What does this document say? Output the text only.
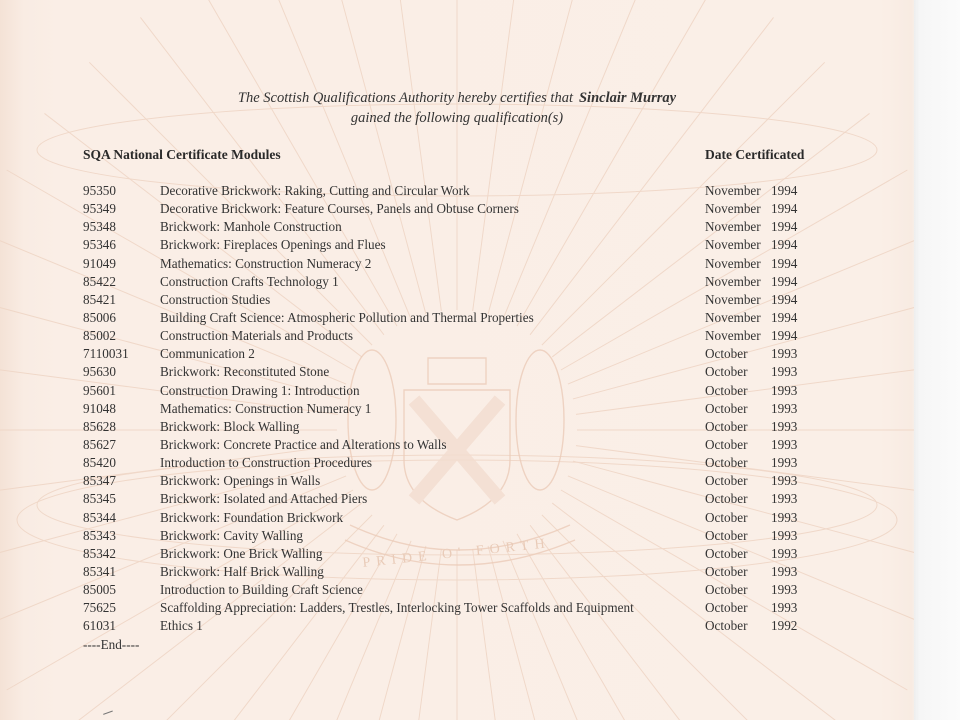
PRIDE O' FORTH
The Scottish Qualifications Authority hereby certifies that Sinclair Murray
gained the following qualification(s)
SQA National Certificate Modules	Date Certificated
95350	Decorative Brickwork: Raking, Cutting and Circular Work	November 1994
95349	Decorative Brickwork: Feature Courses, Panels and Obtuse Corners	November 1994
95348	Brickwork: Manhole Construction	November 1994
95346	Brickwork: Fireplaces Openings and Flues	November 1994
91049	Mathematics: Construction Numeracy 2	November 1994
85422	Construction Crafts Technology 1	November 1994
85421	Construction Studies	November 1994
85006	Building Craft Science: Atmospheric Pollution and Thermal Properties	November 1994
85002	Construction Materials and Products	November 1994
7110031 Communication 2	October 1993
95630	Brickwork: Reconstituted Stone	October 1993
95601	Construction Drawing 1: Introduction	October 1993
91048	Mathematics: Construction Numeracy 1	October 1993
85628	Brickwork: Block Walling	October 1993
85627	Brickwork: Concrete Practice and Alterations to Walls	October 1993
85420	Introduction to Construction Procedures	October 1993
85347	Brickwork: Openings in Walls	October 1993
85345	Brickwork: Isolated and Attached Piers	October 1993
85344	Brickwork: Foundation Brickwork	October 1993
85343	Brickwork: Cavity Walling	October 1993
85342	Brickwork: One Brick Walling	October 1993
85341	Brickwork: Half Brick Walling	October 1993
85005	Introduction to Building Craft Science	October 1993
75625	Scaffolding Appreciation: Ladders, Trestles, Interlocking Tower Scaffolds and Equipment	October 1993
61031	Ethics 1	October 1992
----End----
